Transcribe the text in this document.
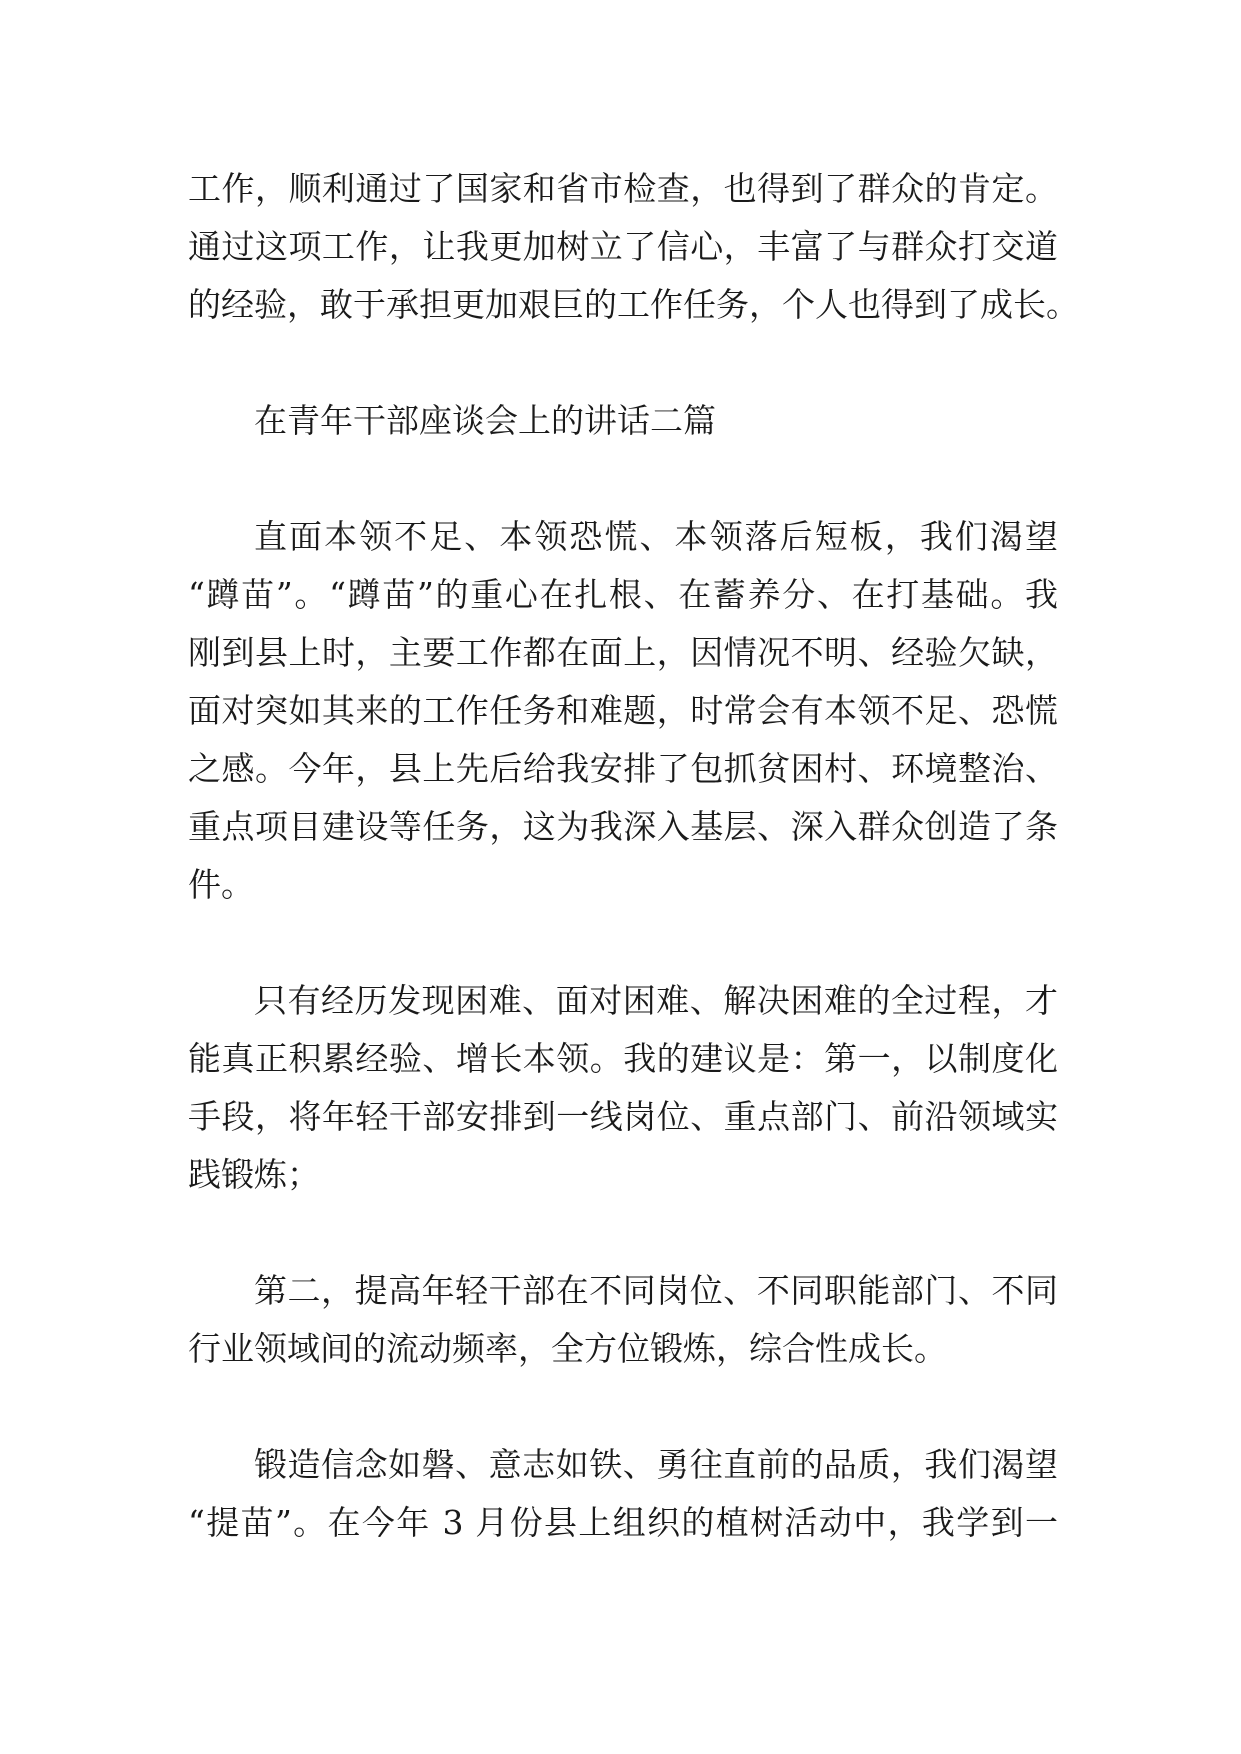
工作，顺利通过了国家和省市检查，也得到了群众的肯定。
通过这项工作，让我更加树立了信心，丰富了与群众打交道
的经验，敢于承担更加艰巨的工作任务，个人也得到了成长。
在青年干部座谈会上的讲话二篇
直面本领不足、本领恐慌、本领落后短板，我们渴望
“蹲苗”。“蹲苗”的重心在扎根、在蓄养分、在打基础。我
刚到县上时，主要工作都在面上，因情况不明、经验欠缺，
面对突如其来的工作任务和难题，时常会有本领不足、恐慌
之感。今年，县上先后给我安排了包抓贫困村、环境整治、
重点项目建设等任务，这为我深入基层、深入群众创造了条
件。
只有经历发现困难、面对困难、解决困难的全过程，才
能真正积累经验、增长本领。我的建议是：第一，以制度化
手段，将年轻干部安排到一线岗位、重点部门、前沿领域实
践锻炼；
第二，提高年轻干部在不同岗位、不同职能部门、不同
行业领域间的流动频率，全方位锻炼，综合性成长。
锻造信念如磐、意志如铁、勇往直前的品质，我们渴望
“提苗”。在今年 3 月份县上组织的植树活动中，我学到一
